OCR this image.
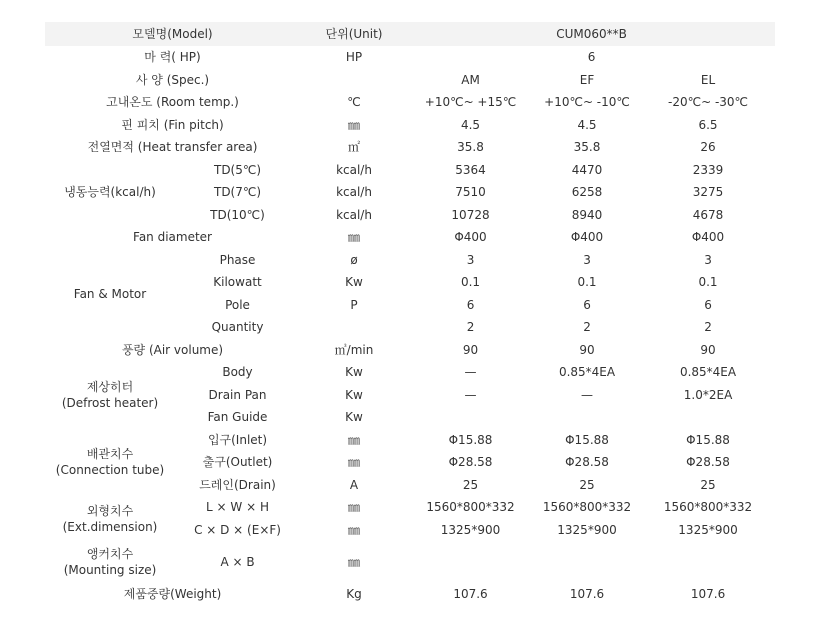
모델명(Model)		단위(Unit)	CUM060**B		
마 력( HP)		HP	6		
사 양 (Spec.)			AM	EF	EL
고내온도 (Room temp.)		℃	+10℃~ +15℃	+10℃~ -10℃	-20℃~ -30℃
핀 피치 (Fin pitch)		㎜	4.5	4.5	6.5
전열면적 (Heat transfer area)		㎡	35.8	35.8	26
냉동능력(kcal/h)	TD(5℃)	kcal/h	5364	4470	2339
	TD(7℃)	kcal/h	7510	6258	3275
	TD(10℃)	kcal/h	10728	8940	4678
Fan diameter		㎜	Φ400	Φ400	Φ400
Fan & Motor	Phase	ø	3	3	3
	Kilowatt	Kw	0.1	0.1	0.1
	Pole	P	6	6	6
	Quantity		2	2	2
풍량 (Air volume)		㎥/min	90	90	90

제상히터
(Defrost heater)	Body	Kw	—	0.85*4EA	0.85*4EA
	Drain Pan	Kw	—	—	1.0*2EA
	Fan Guide	Kw			

배관치수
(Connection tube)	입구(Inlet)	㎜	Φ15.88	Φ15.88	Φ15.88
	출구(Outlet)	㎜	Φ28.58	Φ28.58	Φ28.58
	드레인(Drain)	A	25	25	25

외형치수
(Ext.dimension)	L × W × H	㎜	1560*800*332	1560*800*332	1560*800*332
	C × D × (E×F)	㎜	1325*900	1325*900	1325*900

앵커치수
(Mounting size)	A × B	㎜			
제품중량(Weight)		Kg	107.6	107.6	107.6
